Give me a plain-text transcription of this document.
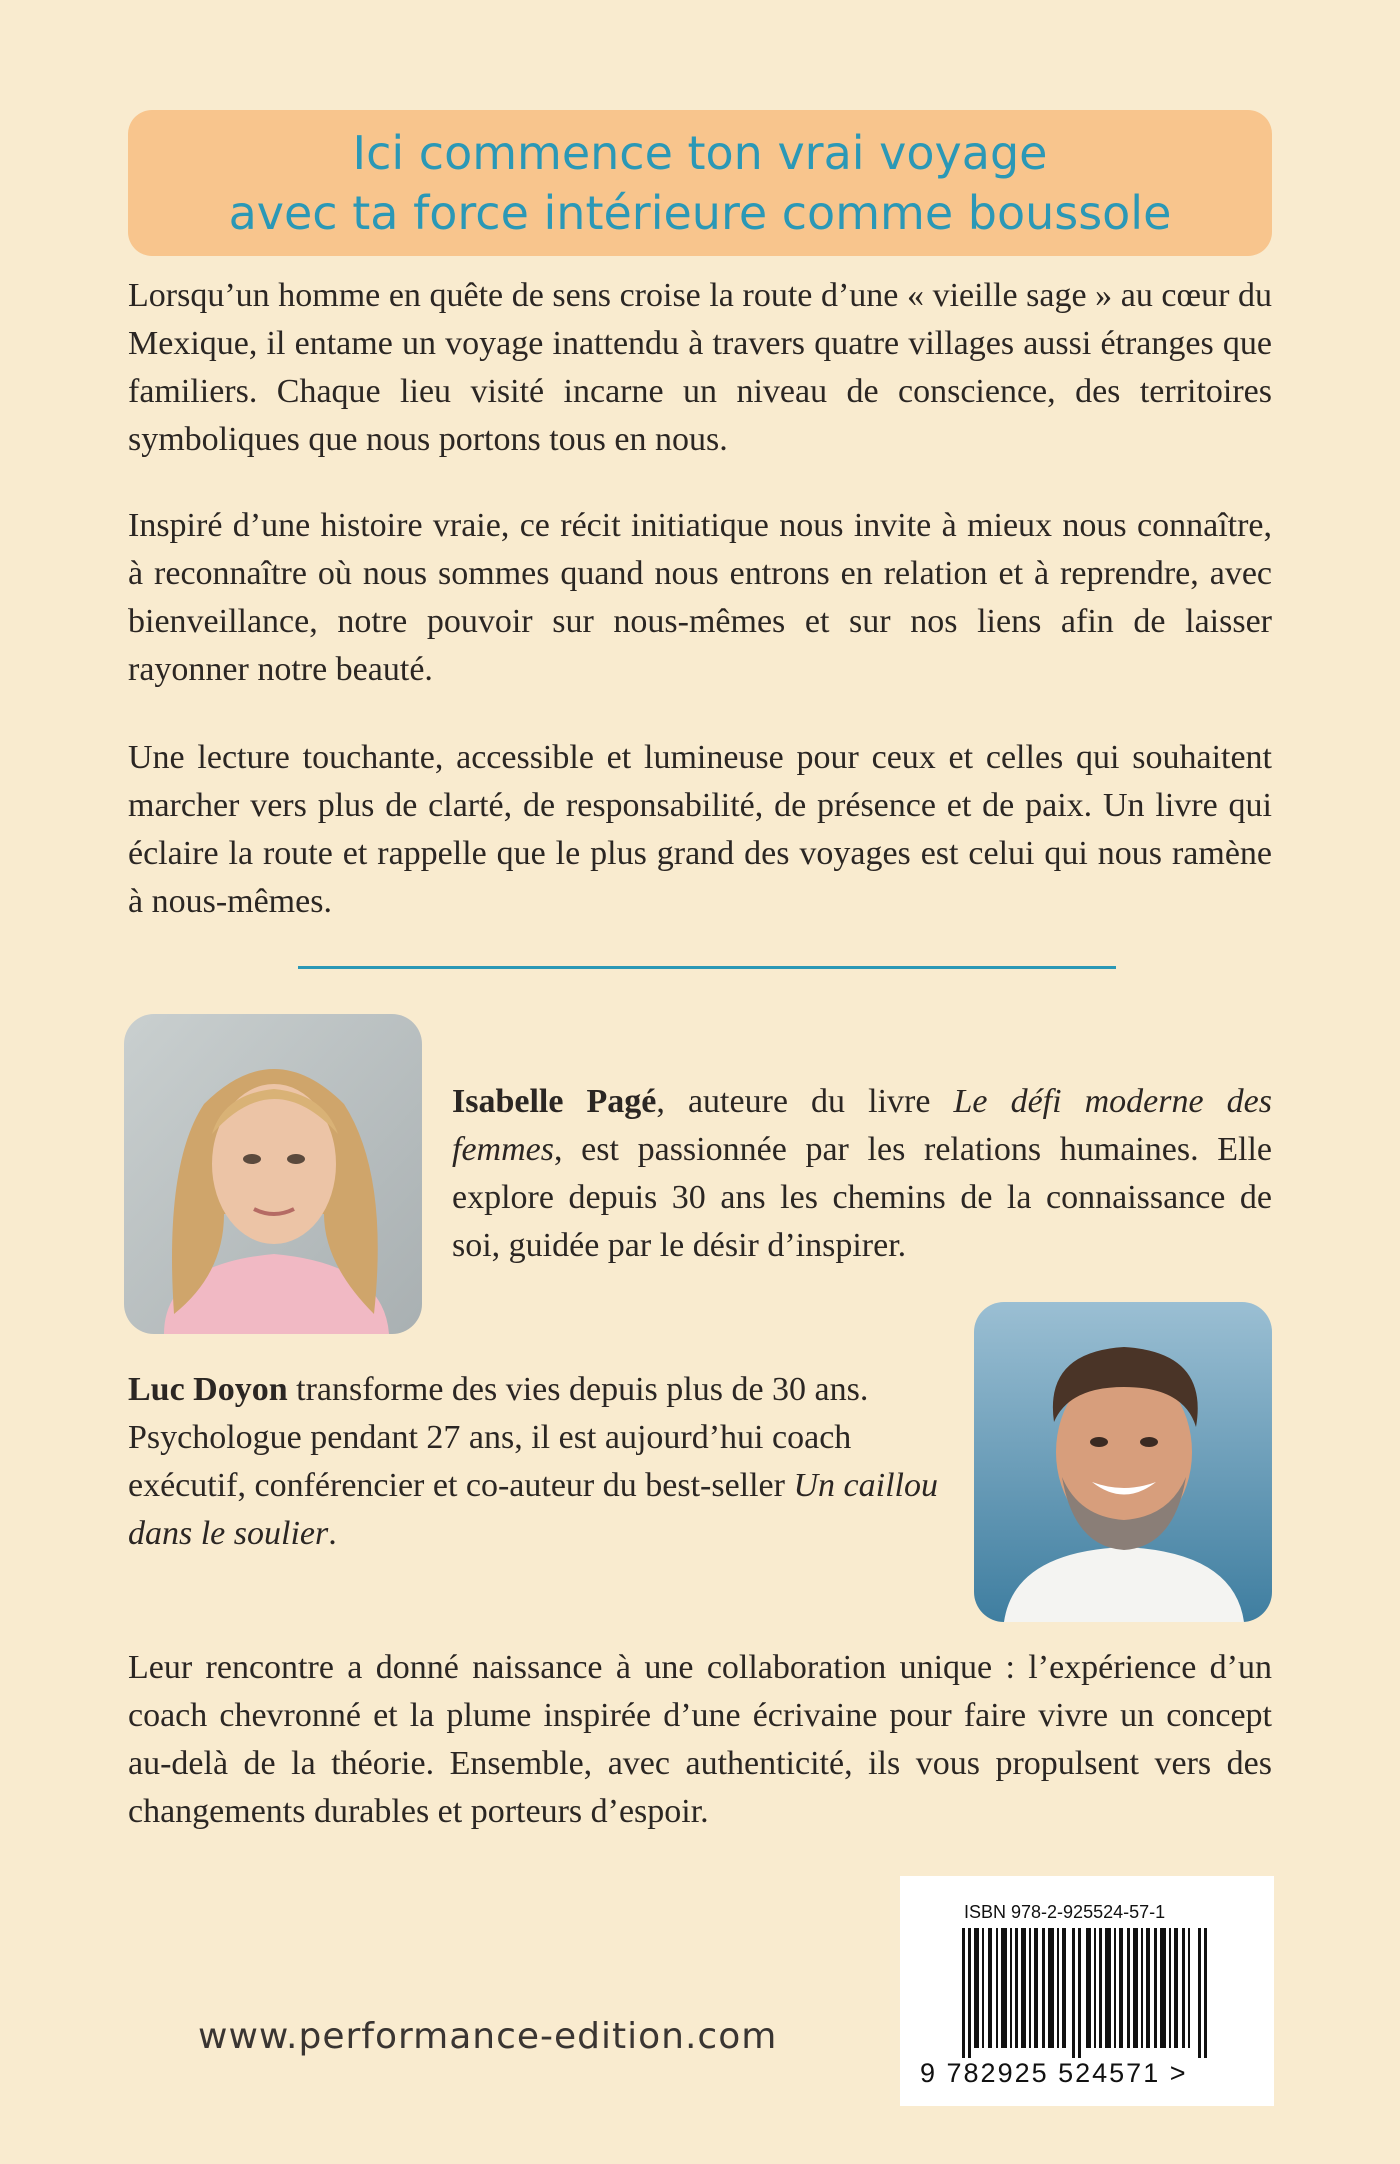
Ici commence ton vrai voyage
avec ta force intérieure comme boussole

Lorsqu’un homme en quête de sens croise la route d’une « vieille sage » au cœur du Mexique, il entame un voyage inattendu à travers quatre villages aussi étranges que familiers. Chaque lieu visité incarne un niveau de conscience, des territoires symboliques que nous portons tous en nous.

Inspiré d’une histoire vraie, ce récit initiatique nous invite à mieux nous connaître, à reconnaître où nous sommes quand nous entrons en relation et à reprendre, avec bienveillance, notre pouvoir sur nous-mêmes et sur nos liens afin de laisser rayonner notre beauté.

Une lecture touchante, accessible et lumineuse pour ceux et celles qui souhaitent marcher vers plus de clarté, de responsabilité, de présence et de paix. Un livre qui éclaire la route et rappelle que le plus grand des voyages est celui qui nous ramène à nous-mêmes.

Isabelle Pagé, auteure du livre Le défi moderne des femmes, est passionnée par les relations humaines. Elle explore depuis 30 ans les chemins de la connaissance de soi, guidée par le désir d’inspirer.

Luc Doyon transforme des vies depuis plus de 30 ans. Psychologue pendant 27 ans, il est aujourd’hui coach exécutif, conférencier et co-auteur du best-seller Un caillou dans le soulier.

Leur rencontre a donné naissance à une collaboration unique : l’expérience d’un coach chevronné et la plume inspirée d’une écrivaine pour faire vivre un concept au-delà de la théorie. Ensemble, avec authenticité, ils vous propulsent vers des changements durables et porteurs d’espoir.

www.performance-edition.com
ISBN 978-2-925524-57-1
9 782925 524571 >
